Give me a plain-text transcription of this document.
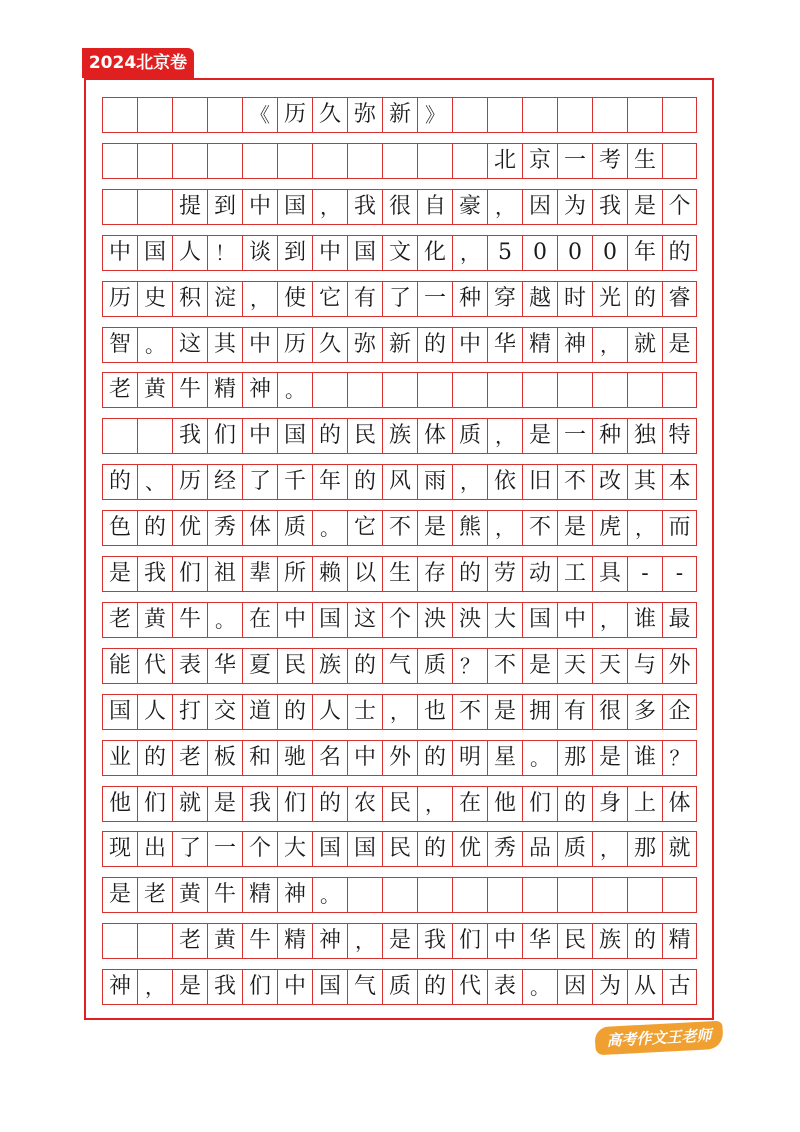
2024北京卷
《 历 久 弥 新 》
北 京 一 考 生
提 到 中 国 ， 我 很 自 豪 ， 因 为 我 是 个
中 国 人 ！ 谈 到 中 国 文 化 ， 5 0 0 0 年 的
历 史 积 淀 ， 使 它 有 了 一 种 穿 越 时 光 的 睿
智 。 这 其 中 历 久 弥 新 的 中 华 精 神 ， 就 是
老 黄 牛 精 神 。
我 们 中 国 的 民 族 体 质 ， 是 一 种 独 特
的 、 历 经 了 千 年 的 风 雨 ， 依 旧 不 改 其 本
色 的 优 秀 体 质 。 它 不 是 熊 ， 不 是 虎 ， 而
是 我 们 祖 辈 所 赖 以 生 存 的 劳 动 工 具 -	-
老 黄 牛 。 在 中 国 这 个 泱 泱 大 国 中 ， 谁 最
能 代 表 华 夏 民 族 的 气 质 ？ 不 是 天 天 与 外
国 人 打 交 道 的 人 士 ， 也 不 是 拥 有 很 多 企
业 的 老 板 和 驰 名 中 外 的 明 星 。 那 是 谁 ？
他 们 就 是 我 们 的 农 民 ， 在 他 们 的 身 上 体
现 出 了 一 个 大 国 国 民 的 优 秀 品 质 ， 那 就
是 老 黄 牛 精 神 。
老 黄 牛 精 神 ， 是 我 们 中 华 民 族 的 精
神 ， 是 我 们 中 国 气 质 的 代 表 。 因 为 从 古
高考作文王老师
